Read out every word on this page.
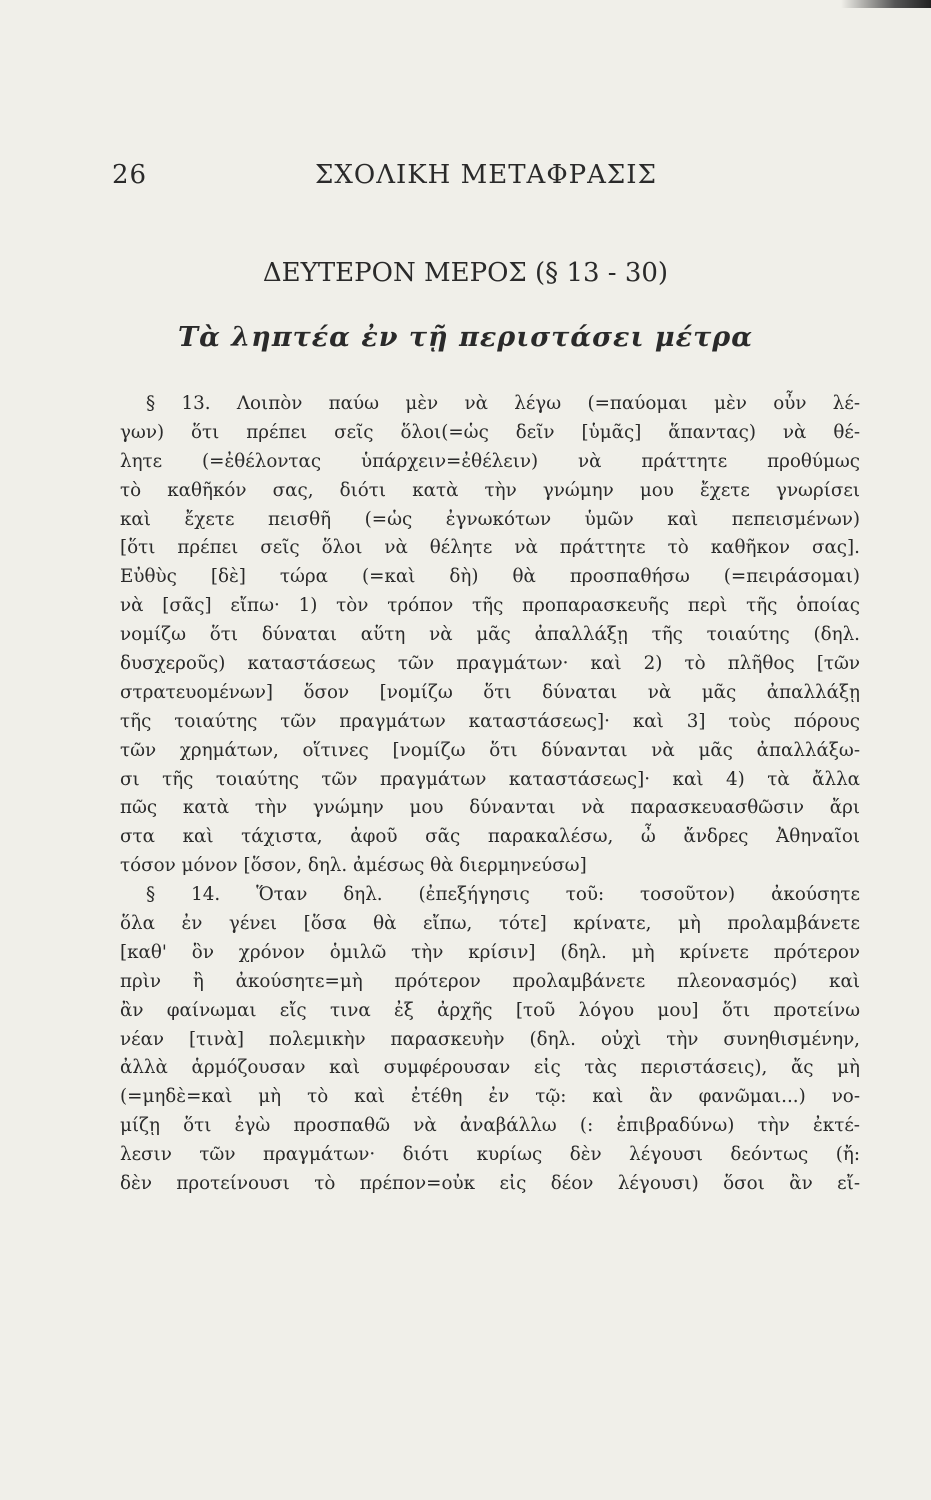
26	ΣΧΟΛΙΚΗ ΜΕΤΑΦΡΑΣΙΣ
ΔΕΥΤΕΡΟΝ ΜΕΡΟΣ (§ 13 - 30)
Τὰ ληπτέα ἐν τῇ περιστάσει μέτρα
§ 13. Λοιπὸν παύω μὲν νὰ λέγω (=παύομαι μὲν οὖν λέ-
γων) ὅτι πρέπει σεῖς ὅλοι(=ὡς δεῖν [ὑμᾶς] ἅπαντας) νὰ θέ-
λητε (=ἐθέλοντας ὑπάρχειν=ἐθέλειν) νὰ πράττητε προθύμως
τὸ καθῆκόν σας, διότι κατὰ τὴν γνώμην μου ἔχετε γνωρίσει
καὶ ἔχετε πεισθῆ (=ὡς ἐγνωκότων ὑμῶν καὶ πεπεισμένων)
[ὅτι πρέπει σεῖς ὅλοι νὰ θέλητε νὰ πράττητε τὸ καθῆκον σας].
Εὐθὺς [δὲ] τώρα (=καὶ δὴ) θὰ προσπαθήσω (=πειράσομαι)
νὰ [σᾶς] εἴπω· 1) τὸν τρόπον τῆς προπαρασκευῆς περὶ τῆς ὁποίας
νομίζω ὅτι δύναται αὕτη νὰ μᾶς ἀπαλλάξῃ τῆς τοιαύτης (δηλ.
δυσχεροῦς) καταστάσεως τῶν πραγμάτων· καὶ 2) τὸ πλῆθος [τῶν
στρατευομένων] ὅσον [νομίζω ὅτι δύναται νὰ μᾶς ἀπαλλάξῃ
τῆς τοιαύτης τῶν πραγμάτων καταστάσεως]· καὶ 3] τοὺς πόρους
τῶν χρημάτων, οἵτινες [νομίζω ὅτι δύνανται νὰ μᾶς ἀπαλλάξω-
σι τῆς τοιαύτης τῶν πραγμάτων καταστάσεως]· καὶ 4) τὰ ἄλλα
πῶς κατὰ τὴν γνώμην μου δύνανται νὰ παρασκευασθῶσιν ἄρι
στα καὶ τάχιστα, ἀφοῦ σᾶς παρακαλέσω, ὦ ἄνδρες Ἀθηναῖοι
τόσον μόνον [ὅσον, δηλ. ἀμέσως θὰ διερμηνεύσω]
§ 14. Ὅταν δηλ. (ἐπεξήγησις τοῦ: τοσοῦτον) ἀκούσητε
ὅλα ἐν γένει [ὅσα θὰ εἴπω, τότε] κρίνατε, μὴ προλαμβάνετε
[καθ' ὃν χρόνον ὁμιλῶ τὴν κρίσιν] (δηλ. μὴ κρίνετε πρότερον
πρὶν ἢ ἀκούσητε=μὴ πρότερον προλαμβάνετε πλεονασμός) καὶ
ἂν φαίνωμαι εἴς τινα ἐξ ἀρχῆς [τοῦ λόγου μου] ὅτι προτείνω
νέαν [τινὰ] πολεμικὴν παρασκευὴν (δηλ. οὐχὶ τὴν συνηθισμένην,
ἀλλὰ ἁρμόζουσαν καὶ συμφέρουσαν εἰς τὰς περιστάσεις), ἄς μὴ
(=μηδὲ=καὶ μὴ τὸ καὶ ἐτέθη ἐν τῷ: καὶ ἂν φανῶμαι...) νο-
μίζῃ ὅτι ἐγὼ προσπαθῶ νὰ ἀναβάλλω (: ἐπιβραδύνω) τὴν ἐκτέ-
λεσιν τῶν πραγμάτων· διότι κυρίως δὲν λέγουσι δεόντως (ἤ:
δὲν προτείνουσι τὸ πρέπον=οὐκ εἰς δέον λέγουσι) ὅσοι ἂν εἴ-
